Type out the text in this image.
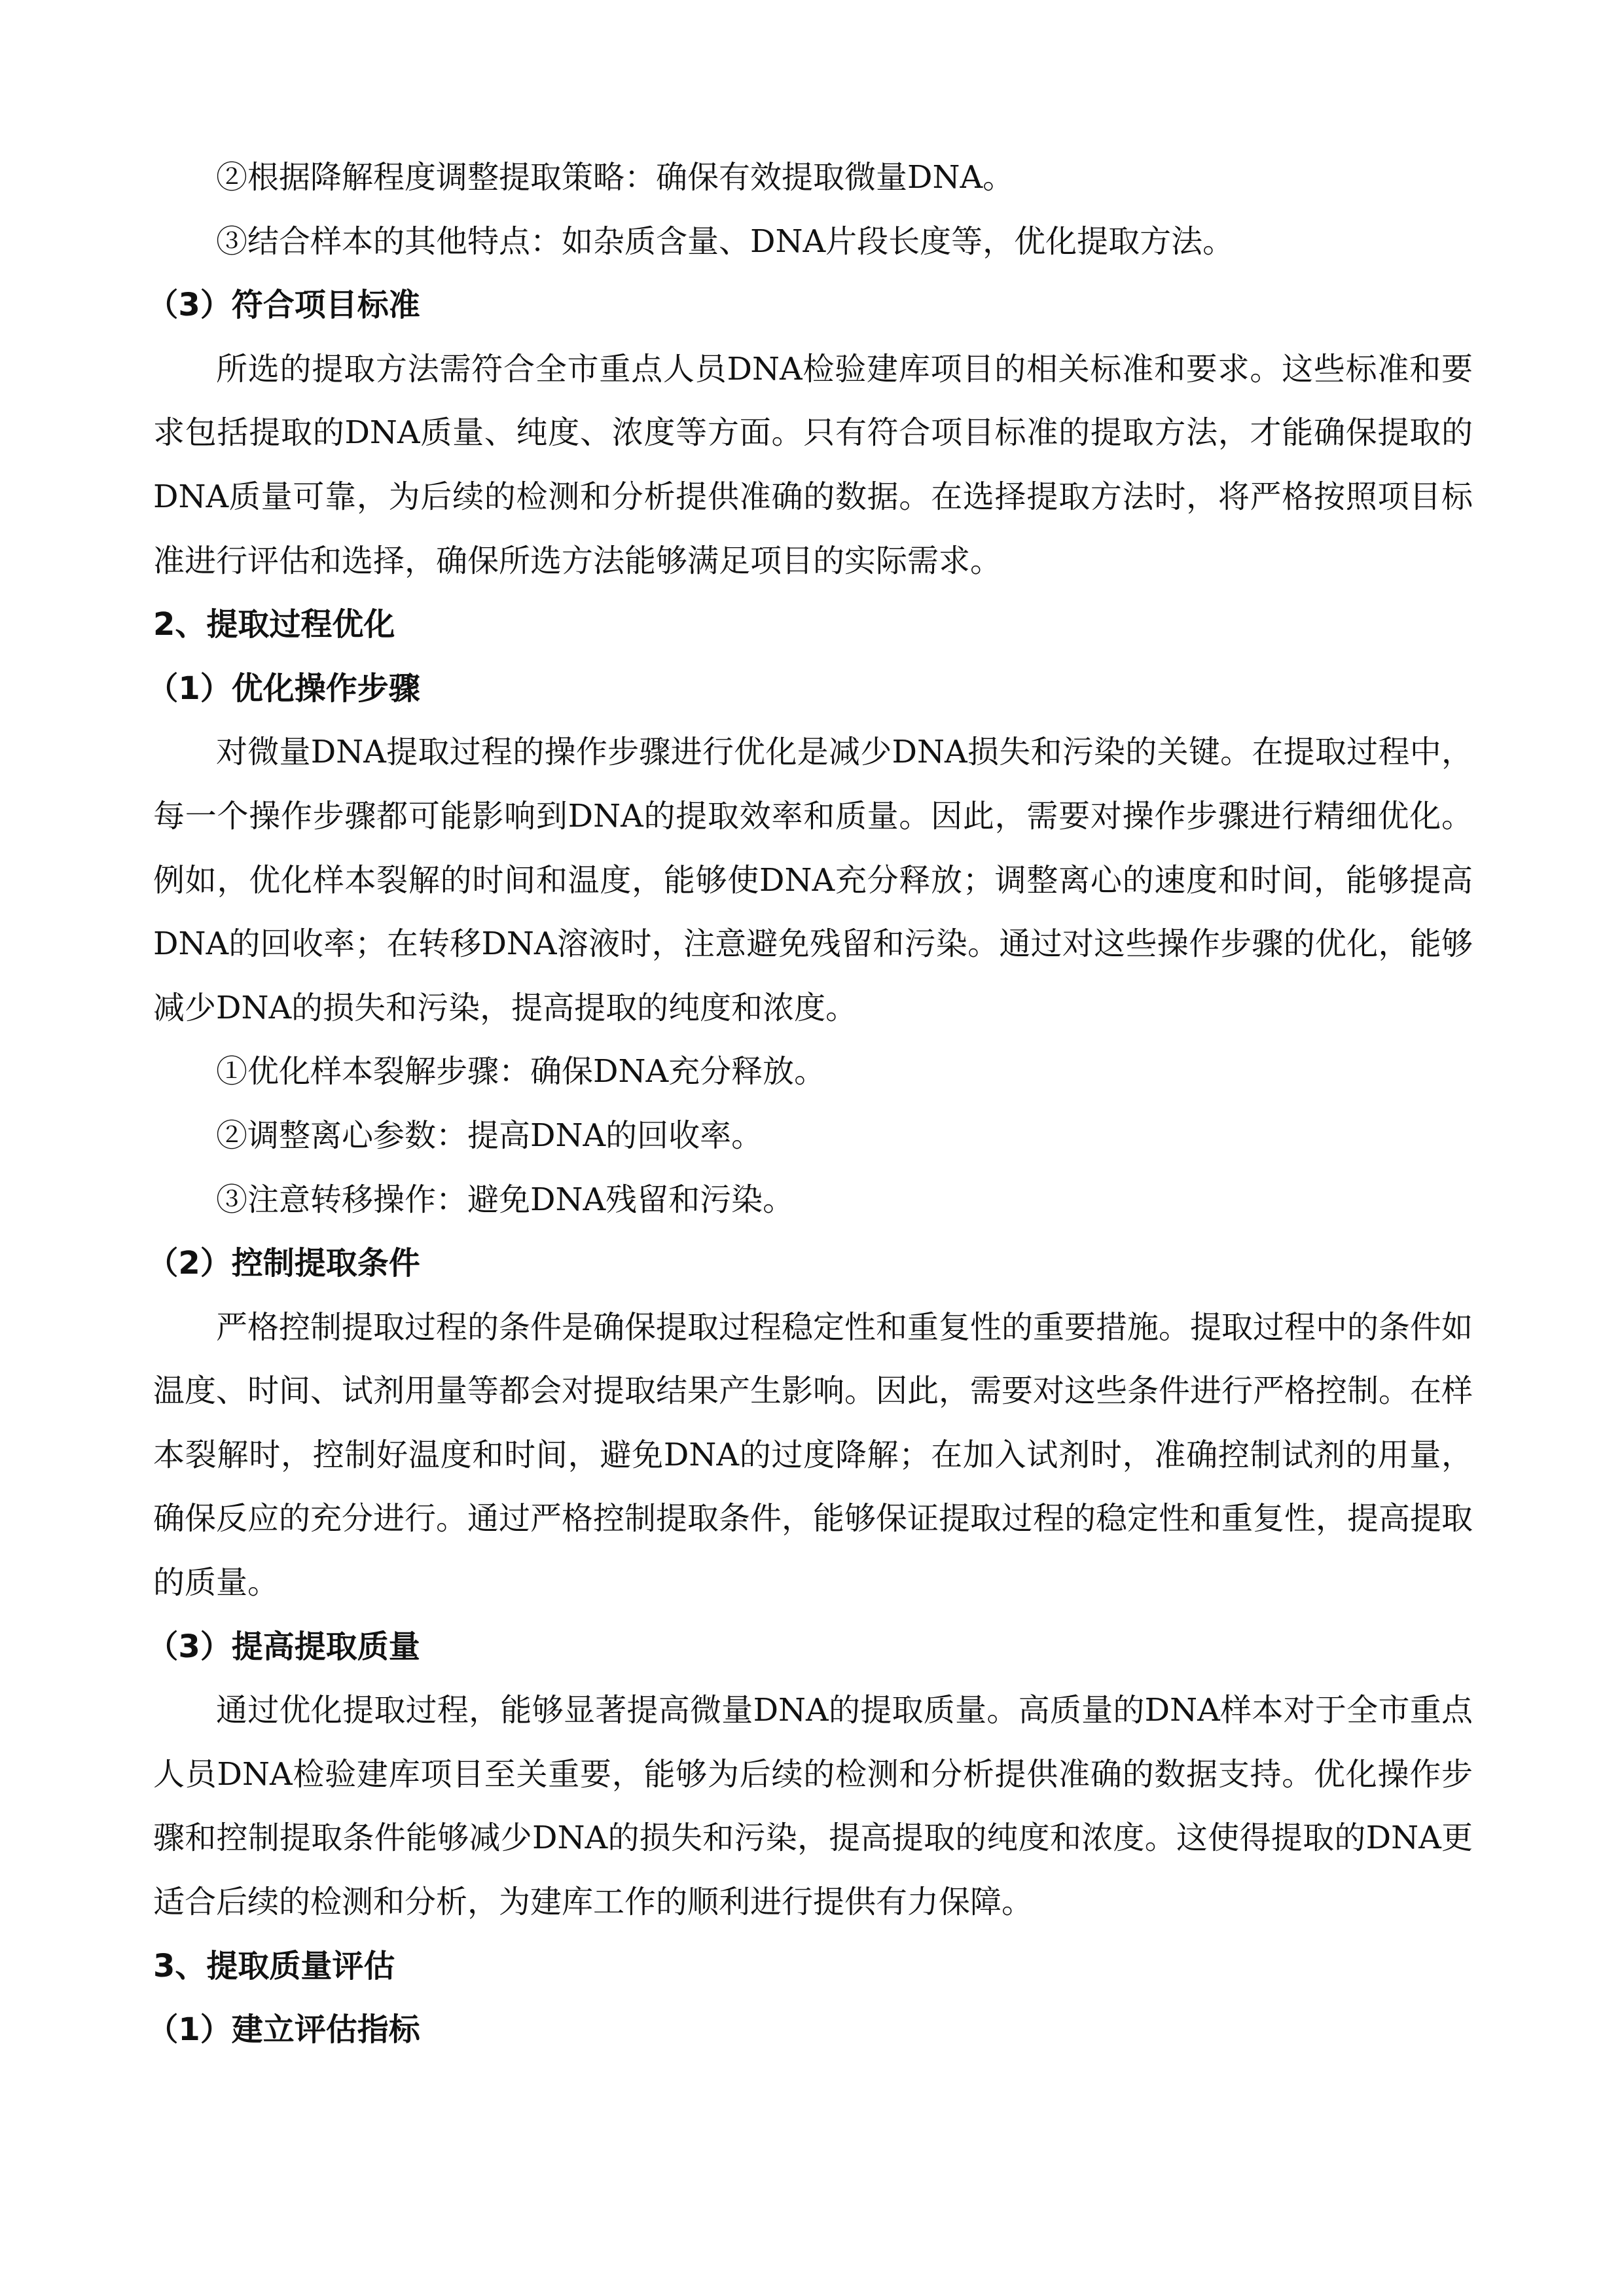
②根据降解程度调整提取策略：确保有效提取微量DNA。

③结合样本的其他特点：如杂质含量、DNA片段长度等，优化提取方法。

（3）符合项目标准

所选的提取方法需符合全市重点人员DNA检验建库项目的相关标准和要求。这些标准和要求包括提取的DNA质量、纯度、浓度等方面。只有符合项目标准的提取方法，才能确保提取的DNA质量可靠，为后续的检测和分析提供准确的数据。在选择提取方法时，将严格按照项目标准进行评估和选择，确保所选方法能够满足项目的实际需求。

2、提取过程优化

（1）优化操作步骤

对微量DNA提取过程的操作步骤进行优化是减少DNA损失和污染的关键。在提取过程中，每一个操作步骤都可能影响到DNA的提取效率和质量。因此，需要对操作步骤进行精细优化。例如，优化样本裂解的时间和温度，能够使DNA充分释放；调整离心的速度和时间，能够提高DNA的回收率；在转移DNA溶液时，注意避免残留和污染。通过对这些操作步骤的优化，能够减少DNA的损失和污染，提高提取的纯度和浓度。

①优化样本裂解步骤：确保DNA充分释放。

②调整离心参数：提高DNA的回收率。

③注意转移操作：避免DNA残留和污染。

（2）控制提取条件

严格控制提取过程的条件是确保提取过程稳定性和重复性的重要措施。提取过程中的条件如温度、时间、试剂用量等都会对提取结果产生影响。因此，需要对这些条件进行严格控制。在样本裂解时，控制好温度和时间，避免DNA的过度降解；在加入试剂时，准确控制试剂的用量，确保反应的充分进行。通过严格控制提取条件，能够保证提取过程的稳定性和重复性，提高提取的质量。

（3）提高提取质量

通过优化提取过程，能够显著提高微量DNA的提取质量。高质量的DNA样本对于全市重点人员DNA检验建库项目至关重要，能够为后续的检测和分析提供准确的数据支持。优化操作步骤和控制提取条件能够减少DNA的损失和污染，提高提取的纯度和浓度。这使得提取的DNA更适合后续的检测和分析，为建库工作的顺利进行提供有力保障。

3、提取质量评估

（1）建立评估指标
